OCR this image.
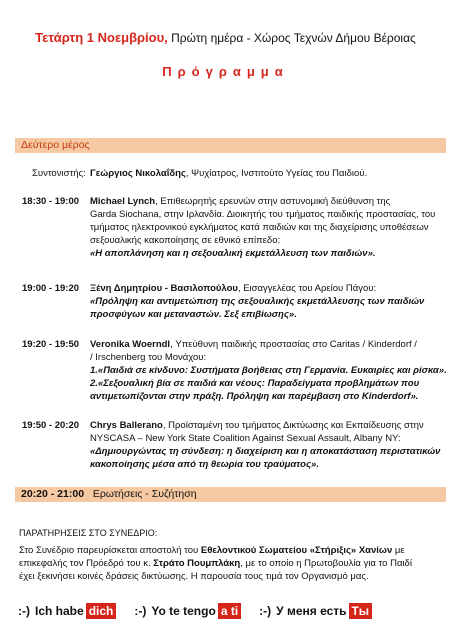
Τετάρτη 1 Νοεμβρίου, Πρώτη ημέρα - Χώρος Τεχνών Δήμου Βέροιας
Πρόγραμμα
Δεύτερο μέρος
Συντονιστής: Γεώργιος Νικολαΐδης, Ψυχίατρος, Ινστιτούτο Υγείας του Παιδιού.
18:30 - 19:00	Michael Lynch, Επιθεωρητής ερευνών στην αστυνομική διεύθυνση της
Garda Siochana, στην Ιρλανδία. Διοικητής του τμήματος παιδικής προστασίας, του
τμήματος ηλεκτρονικού εγκλήματος κατά παιδιών και της διαχείρισης υποθέσεων
σεξουαλικής κακοποίησης σε εθνικό επίπεδο:
«Η αποπλάνηση και η σεξουαλική εκμετάλλευση των παιδιών».
19:00 - 19:20	Ξένη Δημητρίου - Βασιλοπούλου, Εισαγγελέας του Αρείου Πάγου:
«Πρόληψη και αντιμετώπιση της σεξουαλικής εκμετάλλευσης των παιδιών
προσφύγων και μεταναστών. Σεξ επιβίωσης».
19:20 - 19:50	Veronika Woerndl, Υπεύθυνη παιδικής προστασίας στο Caritas / Kinderdorf /
/ Irschenberg του Μονάχου:
1.«Παιδιά σε κίνδυνο: Συστήματα βοήθειας στη Γερμανία. Ευκαιρίες και ρίσκα».
2.«Σεξουαλική βία σε παιδιά και νέους: Παραδείγματα προβλημάτων που
αντιμετωπίζονται στην πράξη. Πρόληψη και παρέμβαση στο Kinderdorf».
19:50 - 20:20	Chrys Ballerano, Προϊσταμένη του τμήματος Δικτύωσης και Εκπαίδευσης στην
NYSCASA – New York State Coalition Against Sexual Assault, Albany NY:
«Δημιουργώντας τη σύνδεση: η διαχείριση και η αποκατάσταση περιστατικών
κακοποίησης μέσα από τη θεωρία του τραύματος».
20:20 - 21:00 Ερωτήσεις - Συζήτηση
ΠΑΡΑΤΗΡΗΣΕΙΣ ΣΤΟ ΣΥΝΕΔΡΙΟ:
Στο Συνέδριο παρευρίσκεται αποστολή του Εθελοντικού Σωματείου «Στήριξις» Χανίων με
επικεφαλής τον Πρόεδρό του κ. Στράτο Πουμπλάκη, με το οποίο η Πρωτοβουλία για το Παιδί
έχει ξεκινήσει κοινές δράσεις δικτύωσης. Η παρουσία τους τιμά τον Οργανισμό μας.
:-) Ich habe dich :-) Yo te tengo a ti :-) У меня есть Ты
